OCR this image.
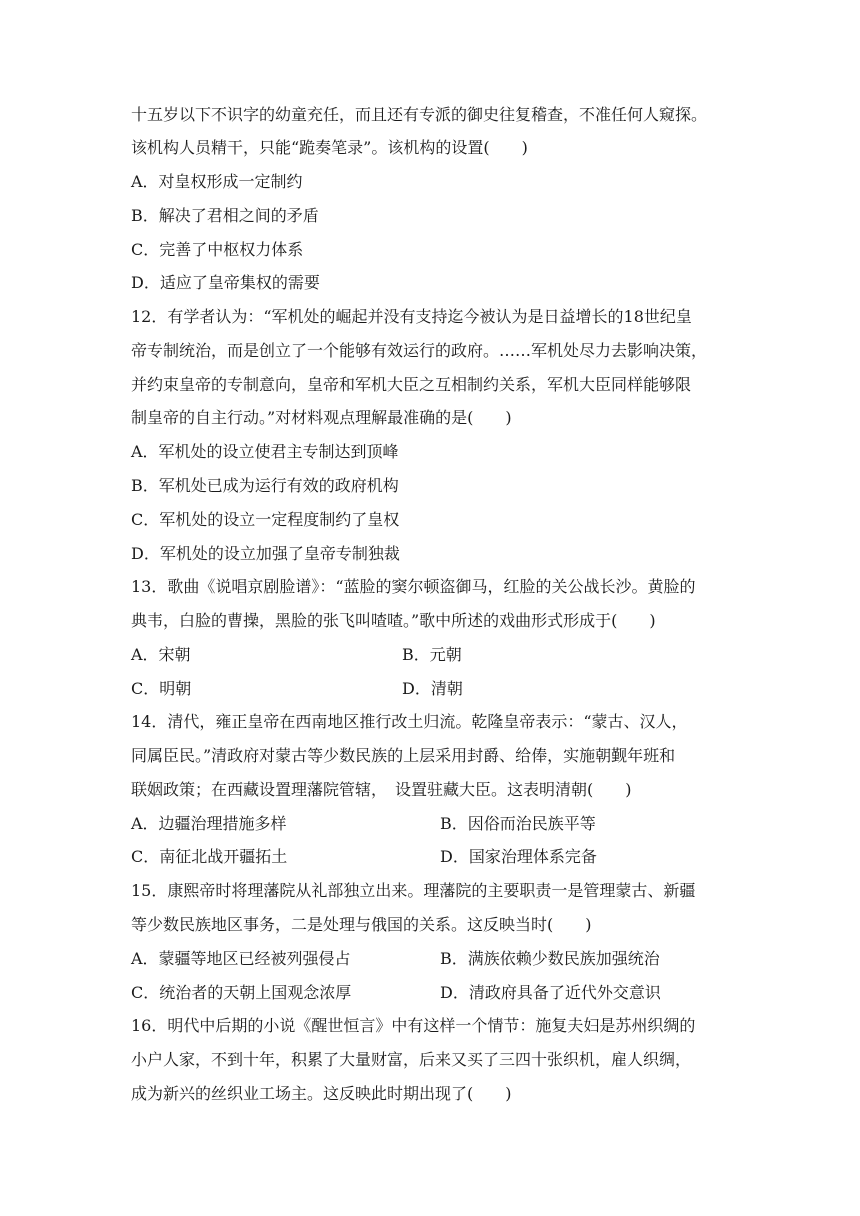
十五岁以下不识字的幼童充任，而且还有专派的御史往复稽查，不准任何人窥探。
该机构人员精干，只能“跪奏笔录”。该机构的设置(　　)
A．对皇权形成一定制约
B．解决了君相之间的矛盾
C．完善了中枢权力体系
D．适应了皇帝集权的需要
12．有学者认为：“军机处的崛起并没有支持迄今被认为是日益增长的18世纪皇
帝专制统治，而是创立了一个能够有效运行的政府。……军机处尽力去影响决策，
并约束皇帝的专制意向，皇帝和军机大臣之互相制约关系，军机大臣同样能够限
制皇帝的自主行动。”对材料观点理解最准确的是(　　)
A．军机处的设立使君主专制达到顶峰
B．军机处已成为运行有效的政府机构
C．军机处的设立一定程度制约了皇权
D．军机处的设立加强了皇帝专制独裁
13．歌曲《说唱京剧脸谱》：“蓝脸的窦尔顿盗御马，红脸的关公战长沙。黄脸的
典韦，白脸的曹操，黑脸的张飞叫喳喳。”歌中所述的戏曲形式形成于(　　)
A．宋朝	B．元朝
C．明朝	D．清朝
14．清代，雍正皇帝在西南地区推行改土归流。乾隆皇帝表示：“蒙古、汉人，
同属臣民。”清政府对蒙古等少数民族的上层采用封爵、给俸，实施朝觐年班和
联姻政策；在西藏设置理藩院管辖，　设置驻藏大臣。这表明清朝(　　)
A．边疆治理措施多样	B．因俗而治民族平等
C．南征北战开疆拓土	D．国家治理体系完备
15．康熙帝时将理藩院从礼部独立出来。理藩院的主要职责一是管理蒙古、新疆
等少数民族地区事务，二是处理与俄国的关系。这反映当时(　　)
A．蒙疆等地区已经被列强侵占	B．满族依赖少数民族加强统治
C．统治者的天朝上国观念浓厚	D．清政府具备了近代外交意识
16．明代中后期的小说《醒世恒言》中有这样一个情节：施复夫妇是苏州织绸的
小户人家，不到十年，积累了大量财富，后来又买了三四十张织机，雇人织绸，
成为新兴的丝织业工场主。这反映此时期出现了(　　)
